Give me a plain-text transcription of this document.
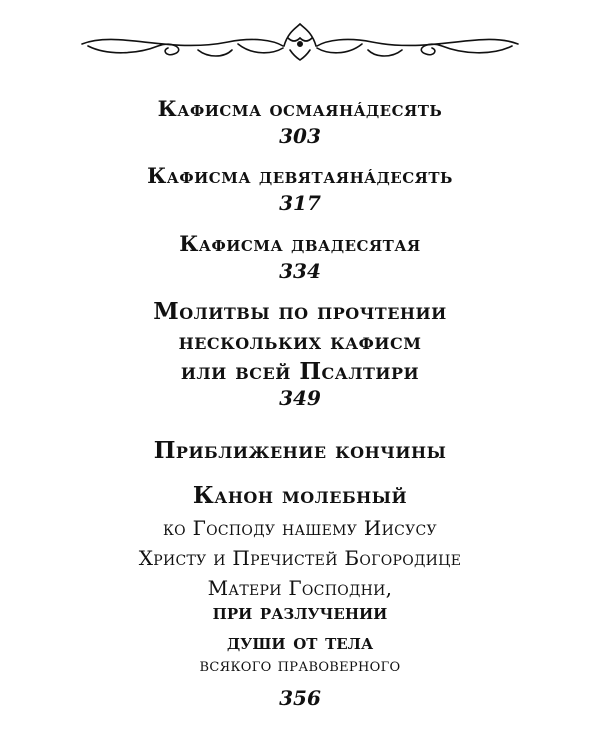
Кафисма осмаянáдесять
303
Кафисма девятаянáдесять
317
Кафисма двадесятая
334
Молитвы по прочтении
нескольких кафисм
или всей Псалтири
349
Приближение кончины
Канон молебный
ко Господу нашему Иисусу
Христу и Пречистей Богородице
Матери Господни,
при разлучении
души от тела
всякого правоверного
356
